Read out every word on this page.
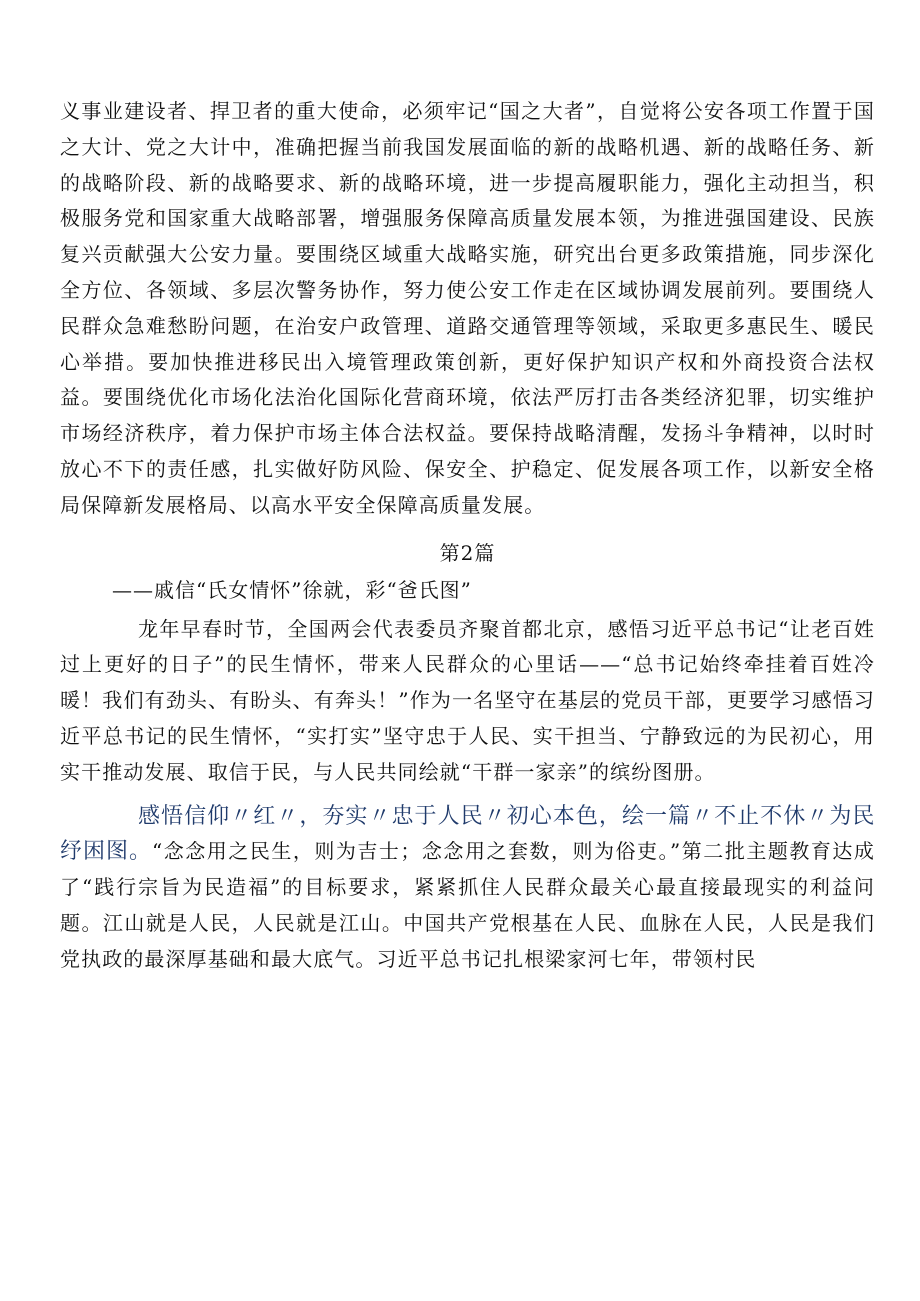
义事业建设者、捍卫者的重大使命，必须牢记“国之大者”，自觉将公安各项工作置于国之大计、党之大计中，准确把握当前我国发展面临的新的战略机遇、新的战略任务、新的战略阶段、新的战略要求、新的战略环境，进一步提高履职能力，强化主动担当，积极服务党和国家重大战略部署，增强服务保障高质量发展本领，为推进强国建设、民族复兴贡献强大公安力量。要围绕区域重大战略实施，研究出台更多政策措施，同步深化全方位、各领域、多层次警务协作，努力使公安工作走在区域协调发展前列。要围绕人民群众急难愁盼问题，在治安户政管理、道路交通管理等领域，采取更多惠民生、暖民心举措。要加快推进移民出入境管理政策创新，更好保护知识产权和外商投资合法权益。要围绕优化市场化法治化国际化营商环境，依法严厉打击各类经济犯罪，切实维护市场经济秩序，着力保护市场主体合法权益。要保持战略清醒，发扬斗争精神，以时时放心不下的责任感，扎实做好防风险、保安全、护稳定、促发展各项工作，以新安全格局保障新发展格局、以高水平安全保障高质量发展。

第2篇
——戚信“氏女情怀”徐就，彩“爸氏图”

龙年早春时节，全国两会代表委员齐聚首都北京，感悟习近平总书记“让老百姓过上更好的日子”的民生情怀，带来人民群众的心里话——“总书记始终牵挂着百姓冷暖！我们有劲头、有盼头、有奔头！”作为一名坚守在基层的党员干部，更要学习感悟习近平总书记的民生情怀，“实打实”坚守忠于人民、实干担当、宁静致远的为民初心，用实干推动发展、取信于民，与人民共同绘就“干群一家亲”的缤纷图册。

感悟信仰〃红〃，夯实〃忠于人民〃初心本色，绘一篇〃不止不休〃为民纾困图。“念念用之民生，则为吉士；念念用之套数，则为俗吏。”第二批主题教育达成了“践行宗旨为民造福”的目标要求，紧紧抓住人民群众最关心最直接最现实的利益问题。江山就是人民，人民就是江山。中国共产党根基在人民、血脉在人民，人民是我们党执政的最深厚基础和最大底气。习近平总书记扎根梁家河七年，带领村民
